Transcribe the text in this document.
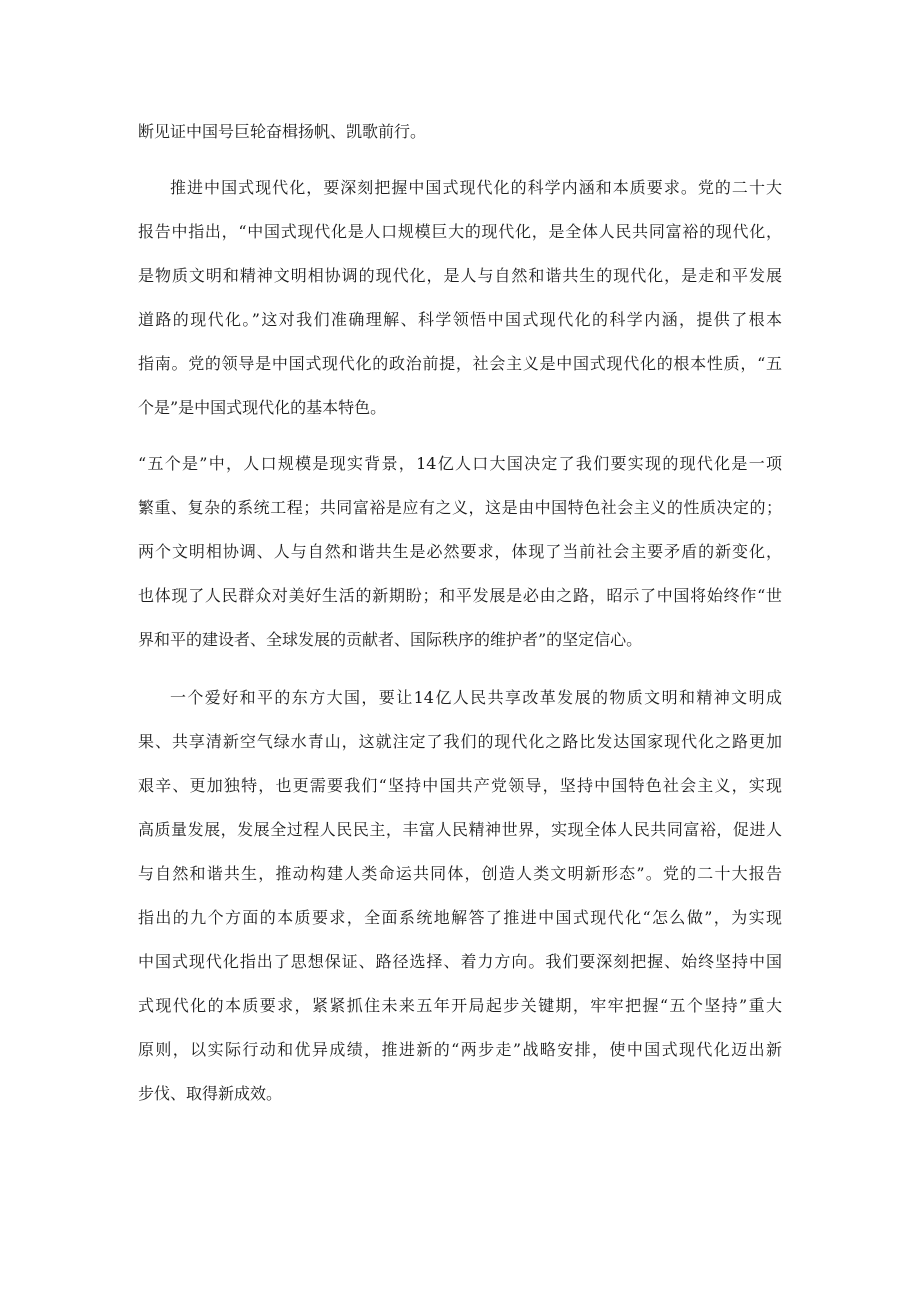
断见证中国号巨轮奋楫扬帆、凯歌前行。
推进中国式现代化，要深刻把握中国式现代化的科学内涵和本质要求。党的二十大
报告中指出，“中国式现代化是人口规模巨大的现代化，是全体人民共同富裕的现代化，
是物质文明和精神文明相协调的现代化，是人与自然和谐共生的现代化，是走和平发展
道路的现代化。”这对我们准确理解、科学领悟中国式现代化的科学内涵，提供了根本
指南。党的领导是中国式现代化的政治前提，社会主义是中国式现代化的根本性质，“五
个是”是中国式现代化的基本特色。
“五个是”中，人口规模是现实背景，14亿人口大国决定了我们要实现的现代化是一项
繁重、复杂的系统工程；共同富裕是应有之义，这是由中国特色社会主义的性质决定的；
两个文明相协调、人与自然和谐共生是必然要求，体现了当前社会主要矛盾的新变化，
也体现了人民群众对美好生活的新期盼；和平发展是必由之路，昭示了中国将始终作“世
界和平的建设者、全球发展的贡献者、国际秩序的维护者”的坚定信心。
一个爱好和平的东方大国，要让14亿人民共享改革发展的物质文明和精神文明成
果、共享清新空气绿水青山，这就注定了我们的现代化之路比发达国家现代化之路更加
艰辛、更加独特，也更需要我们“坚持中国共产党领导，坚持中国特色社会主义，实现
高质量发展，发展全过程人民民主，丰富人民精神世界，实现全体人民共同富裕，促进人
与自然和谐共生，推动构建人类命运共同体，创造人类文明新形态”。党的二十大报告
指出的九个方面的本质要求，全面系统地解答了推进中国式现代化“怎么做”，为实现
中国式现代化指出了思想保证、路径选择、着力方向。我们要深刻把握、始终坚持中国
式现代化的本质要求，紧紧抓住未来五年开局起步关键期，牢牢把握“五个坚持”重大
原则，以实际行动和优异成绩，推进新的“两步走”战略安排，使中国式现代化迈出新
步伐、取得新成效。
